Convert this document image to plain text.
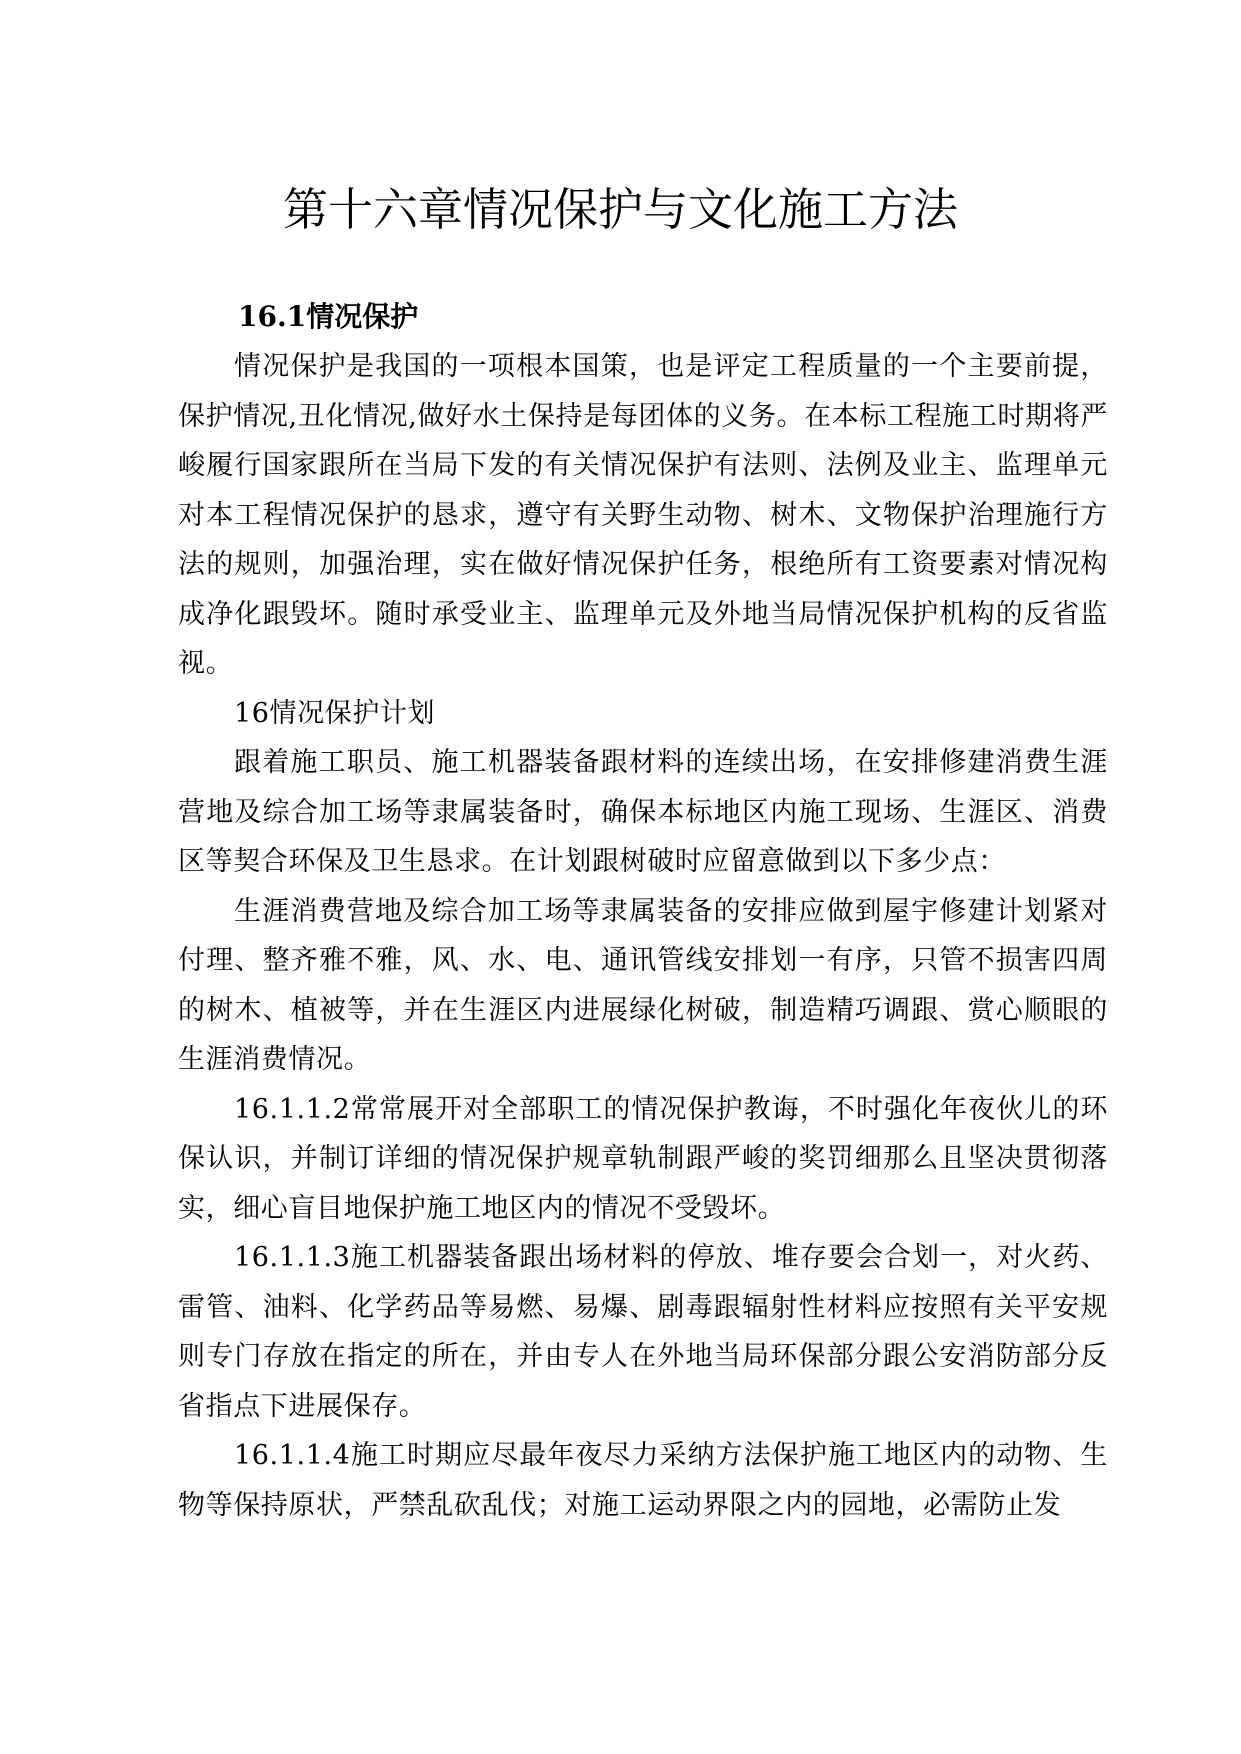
第十六章情况保护与文化施工方法
16.1情况保护

情况保护是我国的一项根本国策，也是评定工程质量的一个主要前提，保护情况,丑化情况,做好水土保持是每团体的义务。在本标工程施工时期将严峻履行国家跟所在当局下发的有关情况保护有法则、法例及业主、监理单元对本工程情况保护的恳求，遵守有关野生动物、树木、文物保护治理施行方法的规则，加强治理，实在做好情况保护任务，根绝所有工资要素对情况构成净化跟毁坏。随时承受业主、监理单元及外地当局情况保护机构的反省监视。

16情况保护计划

跟着施工职员、施工机器装备跟材料的连续出场，在安排修建消费生涯营地及综合加工场等隶属装备时，确保本标地区内施工现场、生涯区、消费区等契合环保及卫生恳求。在计划跟树破时应留意做到以下多少点：

生涯消费营地及综合加工场等隶属装备的安排应做到屋宇修建计划紧对付理、整齐雅不雅，风、水、电、通讯管线安排划一有序，只管不损害四周的树木、植被等，并在生涯区内进展绿化树破，制造精巧调跟、赏心顺眼的生涯消费情况。

16.1.1.2常常展开对全部职工的情况保护教诲，不时强化年夜伙儿的环保认识，并制订详细的情况保护规章轨制跟严峻的奖罚细那么且坚决贯彻落实，细心盲目地保护施工地区内的情况不受毁坏。

16.1.1.3施工机器装备跟出场材料的停放、堆存要会合划一，对火药、雷管、油料、化学药品等易燃、易爆、剧毒跟辐射性材料应按照有关平安规则专门存放在指定的所在，并由专人在外地当局环保部分跟公安消防部分反省指点下进展保存。

16.1.1.4施工时期应尽最年夜尽力采纳方法保护施工地区内的动物、生物等保持原状，严禁乱砍乱伐；对施工运动界限之内的园地，必需防止发
